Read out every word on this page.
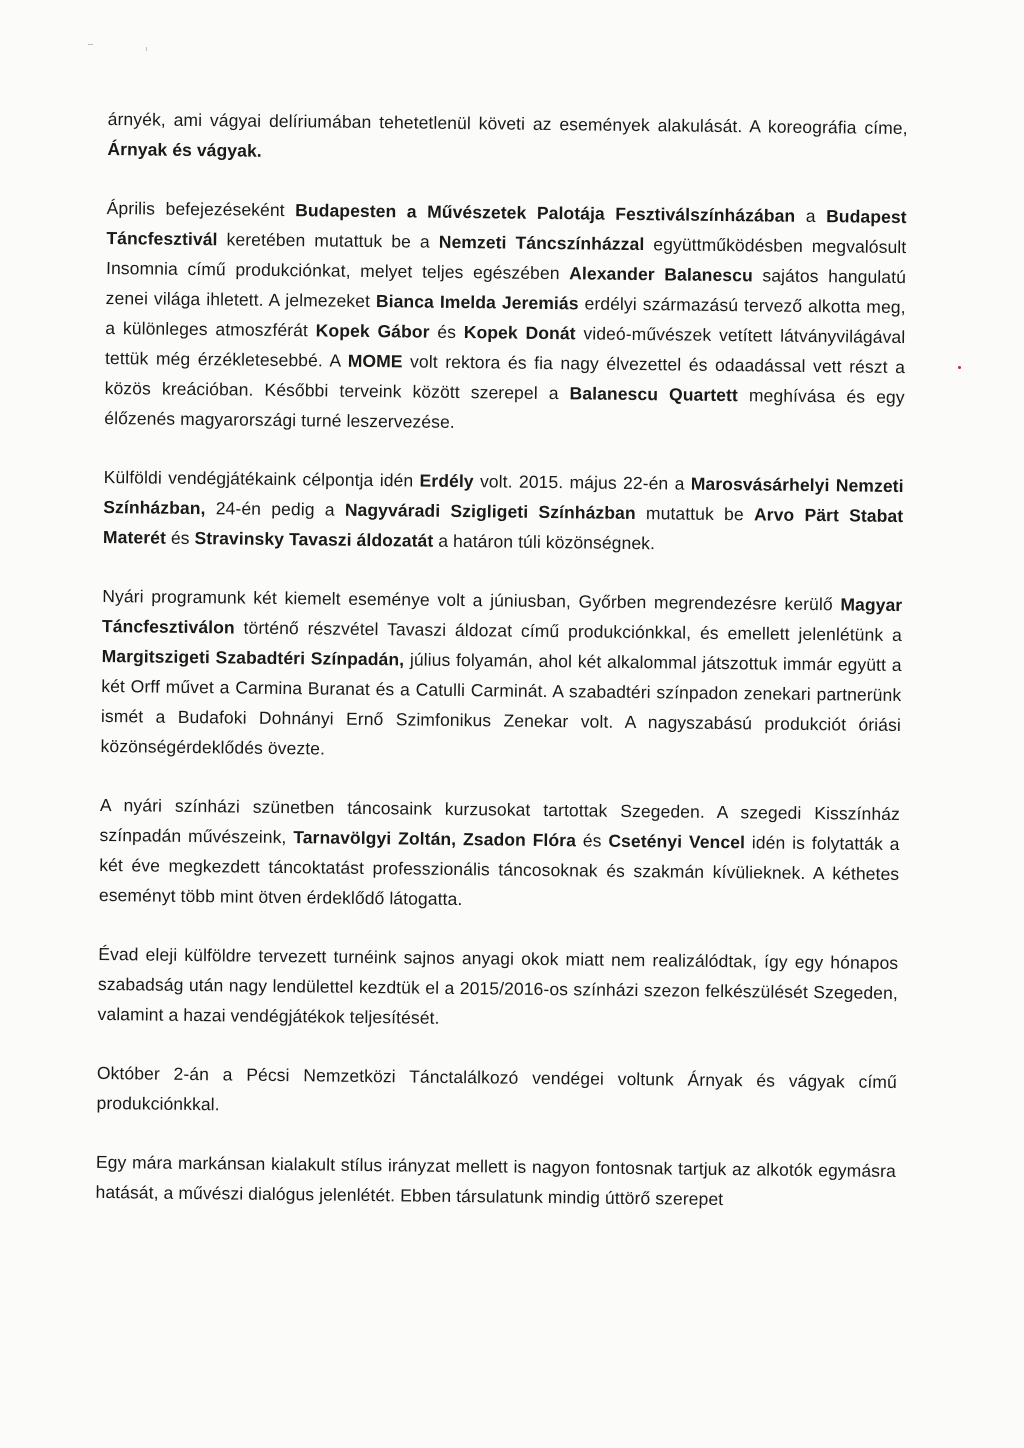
árnyék, ami vágyai delíriumában tehetetlenül követi az események alakulását. A koreográfia címe, Árnyak és vágyak.

Április befejezéseként Budapesten a Művészetek Palotája Fesztiválszínházában a Budapest Táncfesztivál keretében mutattuk be a Nemzeti Táncszínházzal együttműködésben megvalósult Insomnia című produkciónkat, melyet teljes egészében Alexander Balanescu sajátos hangulatú zenei világa ihletett. A jelmezeket Bianca Imelda Jeremiás erdélyi származású tervező alkotta meg, a különleges atmoszférát Kopek Gábor és Kopek Donát videó-művészek vetített látványvilágával tettük még érzékletesebbé. A MOME volt rektora és fia nagy élvezettel és odaadással vett részt a közös kreációban. Későbbi terveink között szerepel a Balanescu Quartett meghívása és egy élőzenés magyarországi turné leszervezése.

Külföldi vendégjátékaink célpontja idén Erdély volt. 2015. május 22-én a Marosvásárhelyi Nemzeti Színházban, 24-én pedig a Nagyváradi Szigligeti Színházban mutattuk be Arvo Pärt Stabat Materét és Stravinsky Tavaszi áldozatát a határon túli közönségnek.

Nyári programunk két kiemelt eseménye volt a júniusban, Győrben megrendezésre kerülő Magyar Táncfesztiválon történő részvétel Tavaszi áldozat című produkciónkkal, és emellett jelenlétünk a Margitszigeti Szabadtéri Színpadán, július folyamán, ahol két alkalommal játszottuk immár együtt a két Orff művet a Carmina Buranat és a Catulli Carminát. A szabadtéri színpadon zenekari partnerünk ismét a Budafoki Dohnányi Ernő Szimfonikus Zenekar volt. A nagyszabású produkciót óriási közönségérdeklődés övezte.

A nyári színházi szünetben táncosaink kurzusokat tartottak Szegeden. A szegedi Kisszínház színpadán művészeink, Tarnavölgyi Zoltán, Zsadon Flóra és Csetényi Vencel idén is folytatták a két éve megkezdett táncoktatást professzionális táncosoknak és szakmán kívülieknek. A kéthetes eseményt több mint ötven érdeklődő látogatta.

Évad eleji külföldre tervezett turnéink sajnos anyagi okok miatt nem realizálódtak, így egy hónapos szabadság után nagy lendülettel kezdtük el a 2015/2016-os színházi szezon felkészülését Szegeden, valamint a hazai vendégjátékok teljesítését.

Október 2-án a Pécsi Nemzetközi Tánctalálkozó vendégei voltunk Árnyak és vágyak című produkciónkkal.

Egy mára markánsan kialakult stílus irányzat mellett is nagyon fontosnak tartjuk az alkotók egymásra hatását, a művészi dialógus jelenlétét. Ebben társulatunk mindig úttörő szerepet
